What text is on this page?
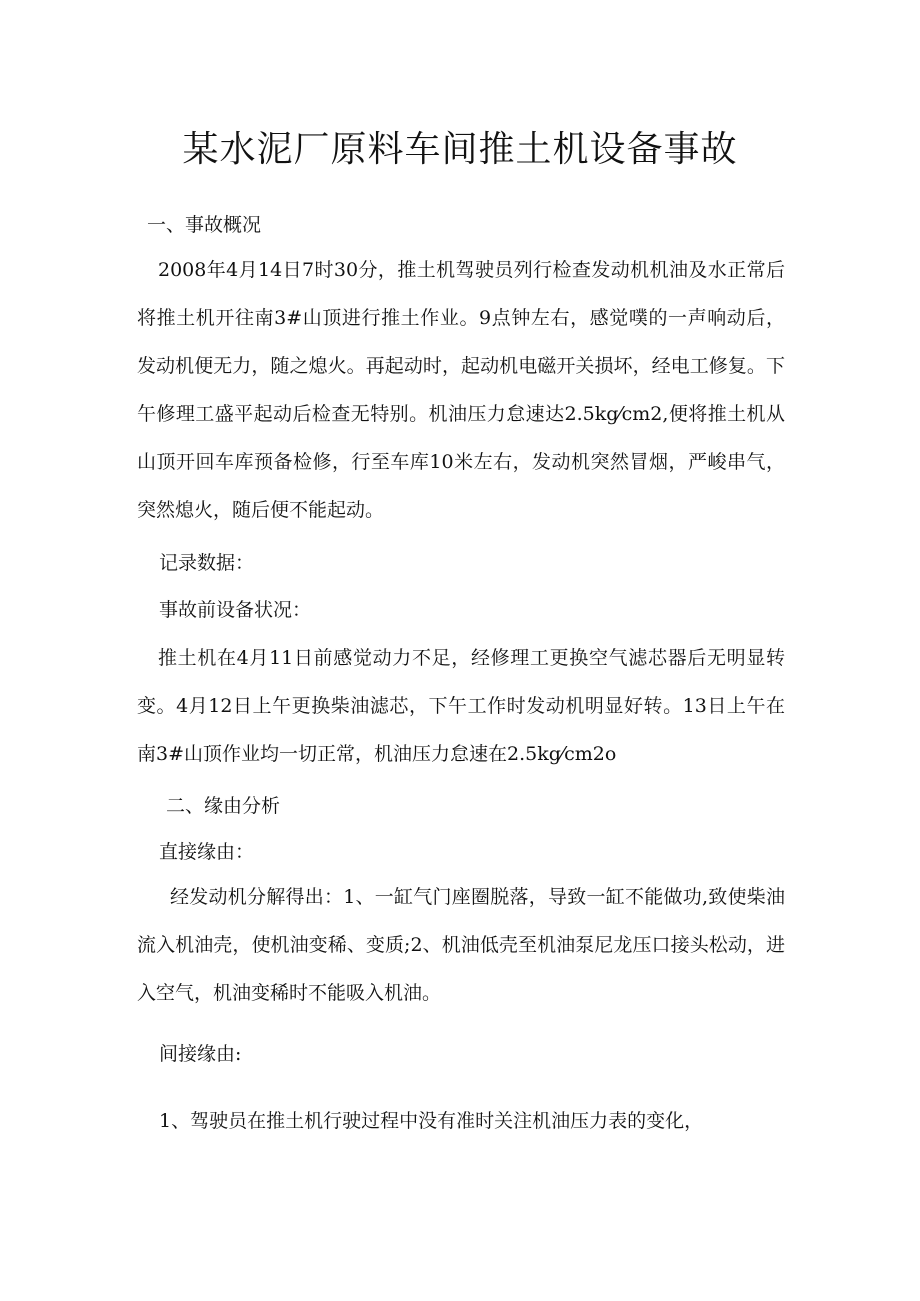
某水泥厂原料车间推土机设备事故

一、事故概况

2008年4月14日7时30分，推土机驾驶员列行检查发动机机油及水正常后将推土机开往南3#山顶进行推土作业。9点钟左右，感觉噗的一声响动后，发动机便无力，随之熄火。再起动时，起动机电磁开关损坏，经电工修复。下午修理工盛平起动后检查无特别。机油压力怠速达2.5kg⁄cm2,便将推土机从山顶开回车库预备检修，行至车库10米左右，发动机突然冒烟，严峻串气，突然熄火，随后便不能起动。

记录数据：

事故前设备状况：

推土机在4月11日前感觉动力不足，经修理工更换空气滤芯器后无明显转变。4月12日上午更换柴油滤芯，下午工作时发动机明显好转。13日上午在南3#山顶作业均一切正常，机油压力怠速在2.5kg⁄cm2o

二、缘由分析

直接缘由：

经发动机分解得出：1、一缸气门座圈脱落，导致一缸不能做功,致使柴油流入机油壳，使机油变稀、变质;2、机油低壳至机油泵尼龙压口接头松动，进入空气，机油变稀时不能吸入机油。

间接缘由:

1、驾驶员在推土机行驶过程中没有准时关注机油压力表的变化，
